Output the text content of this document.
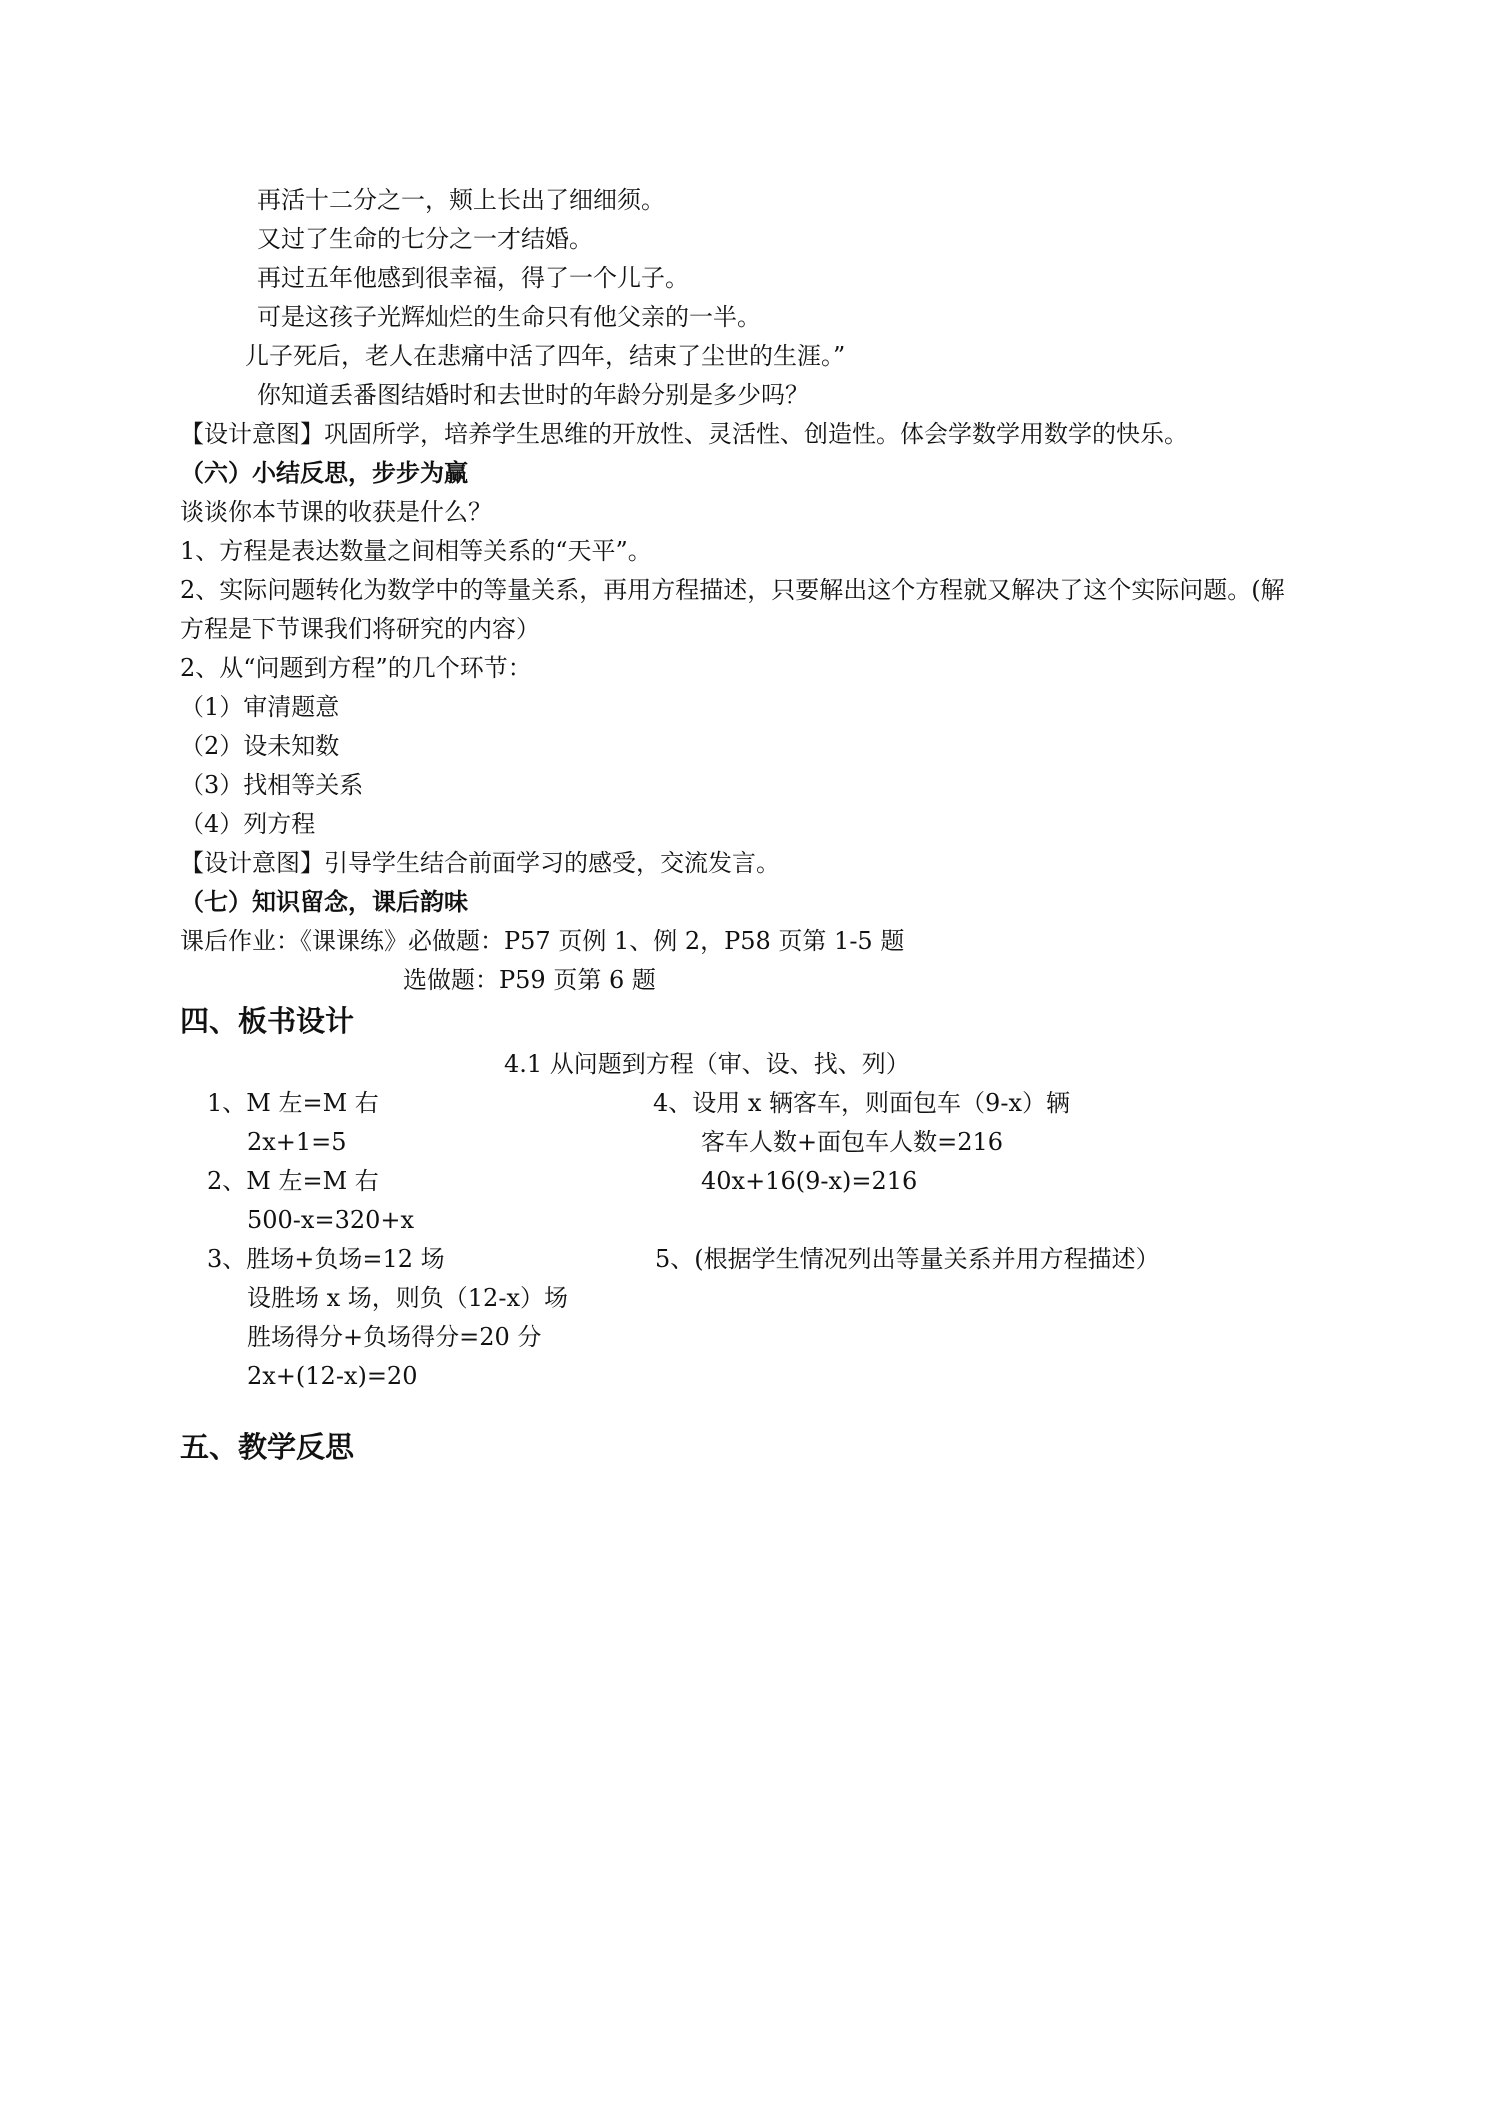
再活十二分之一，颊上长出了细细须。
又过了生命的七分之一才结婚。
再过五年他感到很幸福，得了一个儿子。
可是这孩子光辉灿烂的生命只有他父亲的一半。
儿子死后，老人在悲痛中活了四年，结束了尘世的生涯。”
你知道丢番图结婚时和去世时的年龄分别是多少吗？
【设计意图】巩固所学，培养学生思维的开放性、灵活性、创造性。体会学数学用数学的快乐。
（六）小结反思，步步为赢
谈谈你本节课的收获是什么？
1、方程是表达数量之间相等关系的“天平”。
2、实际问题转化为数学中的等量关系，再用方程描述，只要解出这个方程就又解决了这个实际问题。(解
方程是下节课我们将研究的内容）
2、从“问题到方程”的几个环节：
（1）审清题意
（2）设未知数
（3）找相等关系
（4）列方程
【设计意图】引导学生结合前面学习的感受，交流发言。
（七）知识留念，课后韵味
课后作业：《课课练》必做题：P57 页例 1、例 2，P58 页第 1-5 题
选做题：P59 页第 6 题
四、板书设计
4.1 从问题到方程（审、设、找、列）
1、M 左=M 右
2x+1=5
2、M 左=M 右
500-x=320+x
3、胜场+负场=12 场
设胜场 x 场，则负（12-x）场
胜场得分+负场得分=20 分
2x+(12-x)=20
4、设用 x 辆客车，则面包车（9-x）辆
客车人数+面包车人数=216
40x+16(9-x)=216
5、(根据学生情况列出等量关系并用方程描述）
五、教学反思
